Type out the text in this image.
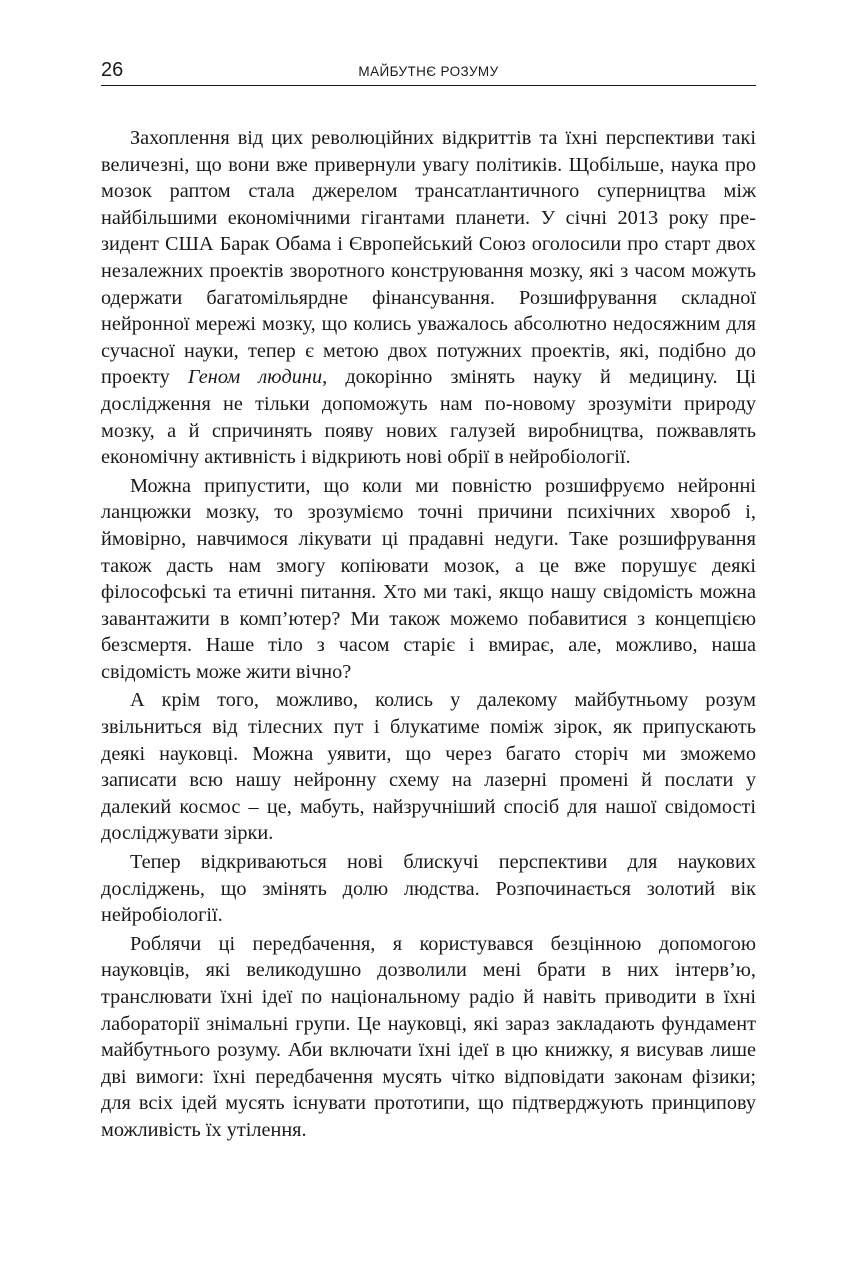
26	МАЙБУТНЄ РОЗУМУ

Захоплення від цих революційних відкриттів та їхні перспективи такі величезні, що вони вже привернули увагу політиків. Щобільше, наука про мозок раптом стала джерелом трансатлантичного суперництва між найбільшими економічними гігантами планети. У січні 2013 року президент США Барак Обама і Європейський Союз оголосили про старт двох незалежних проектів зворотного конструювання мозку, які з часом можуть одержати багатомільярдне фінансування. Розшифрування складної нейронної мережі мозку, що колись уважалось абсолютно недосяжним для сучасної науки, тепер є метою двох потужних проектів, які, подібно до проекту Геном людини, докорінно змінять науку й медицину. Ці дослідження не тільки допоможуть нам по-новому зрозуміти природу мозку, а й спричинять появу нових галузей виробництва, пожвавлять економічну активність і відкриють нові обрії в нейробіології.

Можна припустити, що коли ми повністю розшифруємо нейронні ланцюжки мозку, то зрозуміємо точні причини психічних хвороб і, ймовірно, навчимося лікувати ці прадавні недуги. Таке розшифрування також дасть нам змогу копіювати мозок, а це вже порушує деякі філософські та етичні питання. Хто ми такі, якщо нашу свідомість можна завантажити в комп’ютер? Ми також можемо побавитися з концепцією безсмертя. Наше тіло з часом старіє і вмирає, але, можливо, наша свідомість може жити вічно?

А крім того, можливо, колись у далекому майбутньому розум звільниться від тілесних пут і блукатиме поміж зірок, як припускають деякі науковці. Можна уявити, що через багато сторіч ми зможемо записати всю нашу нейронну схему на лазерні промені й послати у далекий космос – це, мабуть, найзручніший спосіб для нашої свідомості досліджувати зірки.

Тепер відкриваються нові блискучі перспективи для наукових досліджень, що змінять долю людства. Розпочинається золотий вік нейробіології.

Роблячи ці передбачення, я користувався безцінною допомогою науковців, які великодушно дозволили мені брати в них інтерв’ю, транслювати їхні ідеї по національному радіо й навіть приводити в їхні лабораторії знімальні групи. Це науковці, які зараз закладають фундамент майбутнього розуму. Аби включати їхні ідеї в цю книжку, я висував лише дві вимоги: їхні передбачення мусять чітко відповідати законам фізики; для всіх ідей мусять існувати прототипи, що підтверджують принципову можливість їх утілення.
